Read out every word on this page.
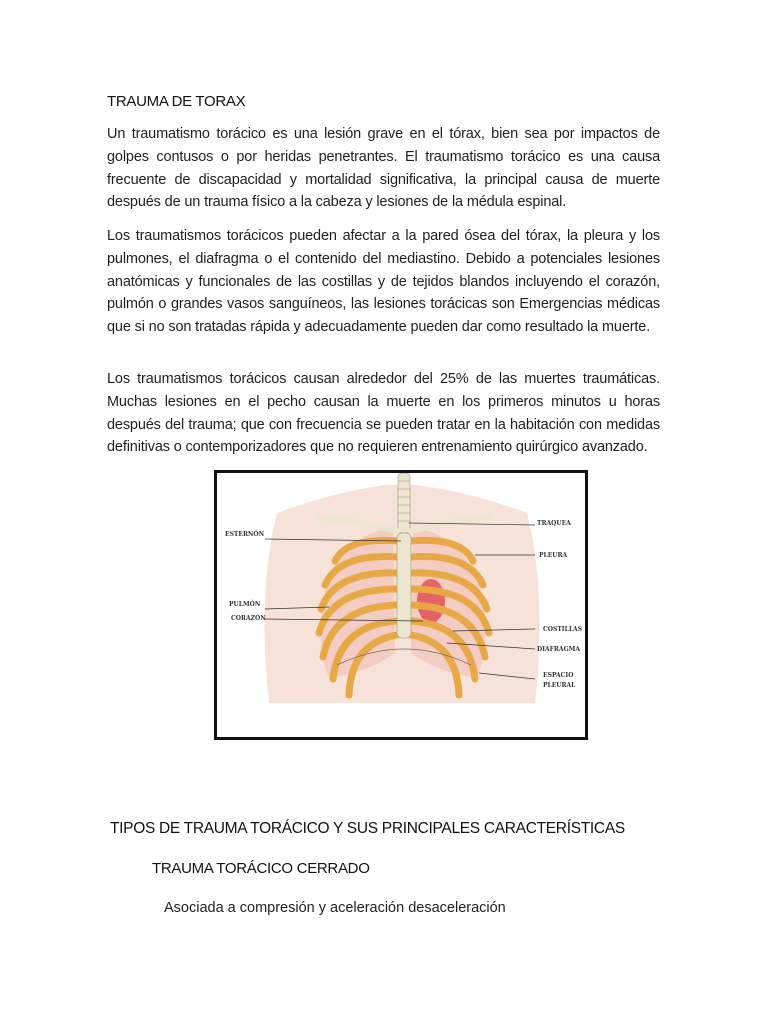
TRAUMA DE TORAX
Un traumatismo torácico es una lesión grave en el tórax, bien sea por impactos de golpes contusos o por heridas penetrantes. El traumatismo torácico es una causa frecuente de discapacidad y mortalidad significativa, la principal causa de muerte después de un trauma físico a la cabeza y lesiones de la médula espinal.
Los traumatismos torácicos pueden afectar a la pared ósea del tórax, la pleura y los pulmones, el diafragma o el contenido del mediastino. Debido a potenciales lesiones anatómicas y funcionales de las costillas y de tejidos blandos incluyendo el corazón, pulmón o grandes vasos sanguíneos, las lesiones torácicas son Emergencias médicas que si no son tratadas rápida y adecuadamente pueden dar como resultado la muerte.
Los traumatismos torácicos causan alrededor del 25% de las muertes traumáticas. Muchas lesiones en el pecho causan la muerte en los primeros minutos u horas después del trauma; que con frecuencia se pueden tratar en la habitación con medidas definitivas o contemporizadores que no requieren entrenamiento quirúrgico avanzado.
ESTERNÓN
TRAQUEA
PLEURA
PULMÓN
CORAZÓN
COSTILLAS
DIAFRAGMA
ESPACIO
PLEURAL
TIPOS DE TRAUMA TORÁCICO Y SUS PRINCIPALES CARACTERÍSTICAS
TRAUMA TORÁCICO CERRADO
Asociada a compresión y aceleración desaceleración
